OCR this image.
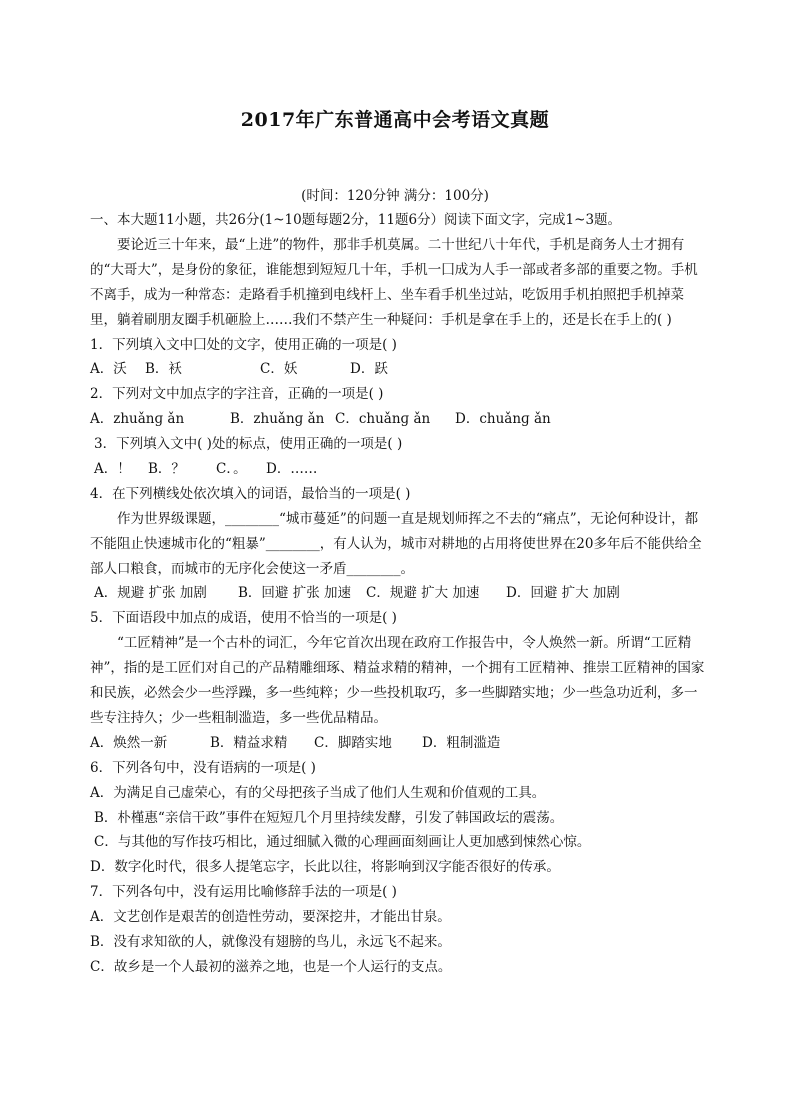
2017年广东普通高中会考语文真题
(时间：120分钟 满分：100分)
一、本大题11小题，共26分(1~10题每题2分，11题6分）阅读下面文字，完成1~3题。
要论近三十年来，最“上进”的物件，那非手机莫属。二十世纪八十年代，手机是商务人士才拥有的“大哥大”，是身份的象征，谁能想到短短几十年，手机一囗成为人手一部或者多部的重要之物。手机不离手，成为一种常态：走路看手机撞到电线杆上、坐车看手机坐过站，吃饭用手机拍照把手机掉菜里，躺着刷朋友圈手机砸脸上……我们不禁产生一种疑问：手机是拿在手上的，还是长在手上的( )
1．下列填入文中囗处的文字，使用正确的一项是( )
A．沃	B．袄	C．妖	D．跃
2．下列对文中加点字的字注音，正确的一项是( )
A．zhuǎnɡ ǎn	B．zhuǎnɡ ǎn C．chuǎnɡ ǎn	D．chuǎnɡ ǎn
3．下列填入文中( )处的标点，使用正确的一项是( )
A．！	B．？	C．。	D．……
4．在下列横线处依次填入的词语，最恰当的一项是( )
作为世界级课题，________“城市蔓延”的问题一直是规划师挥之不去的“痛点”，无论何种设计，都不能阻止快速城市化的“粗暴”________，有人认为，城市对耕地的占用将使世界在20多年后不能供给全部人口粮食，而城市的无序化会使这一矛盾________。
A．规避 扩张 加剧	B．回避 扩张 加速	C．规避 扩大 加速	D．回避 扩大 加剧
5．下面语段中加点的成语，使用不恰当的一项是( )
“工匠精神”是一个古朴的词汇，今年它首次出现在政府工作报告中，令人焕然一新。所谓“工匠精神”，指的是工匠们对自己的产品精雕细琢、精益求精的精神，一个拥有工匠精神、推崇工匠精神的国家和民族，必然会少一些浮躁，多一些纯粹；少一些投机取巧，多一些脚踏实地；少一些急功近利，多一些专注持久；少一些粗制滥造，多一些优品精品。
A．焕然一新	B．精益求精	C．脚踏实地	D．粗制滥造
6．下列各句中，没有语病的一项是( )
A．为满足自己虚荣心，有的父母把孩子当成了他们人生观和价值观的工具。
B．朴槿惠“亲信干政”事件在短短几个月里持续发酵，引发了韩国政坛的震荡。
C．与其他的写作技巧相比，通过细腻入微的心理画面刻画让人更加感到悚然心惊。
D．数字化时代，很多人提笔忘字，长此以往，将影响到汉字能否很好的传承。
7．下列各句中，没有运用比喻修辞手法的一项是( )
A．文艺创作是艰苦的创造性劳动，要深挖井，才能出甘泉。
B．没有求知欲的人，就像没有翅膀的鸟儿，永远飞不起来。
C．故乡是一个人最初的滋养之地，也是一个人运行的支点。
